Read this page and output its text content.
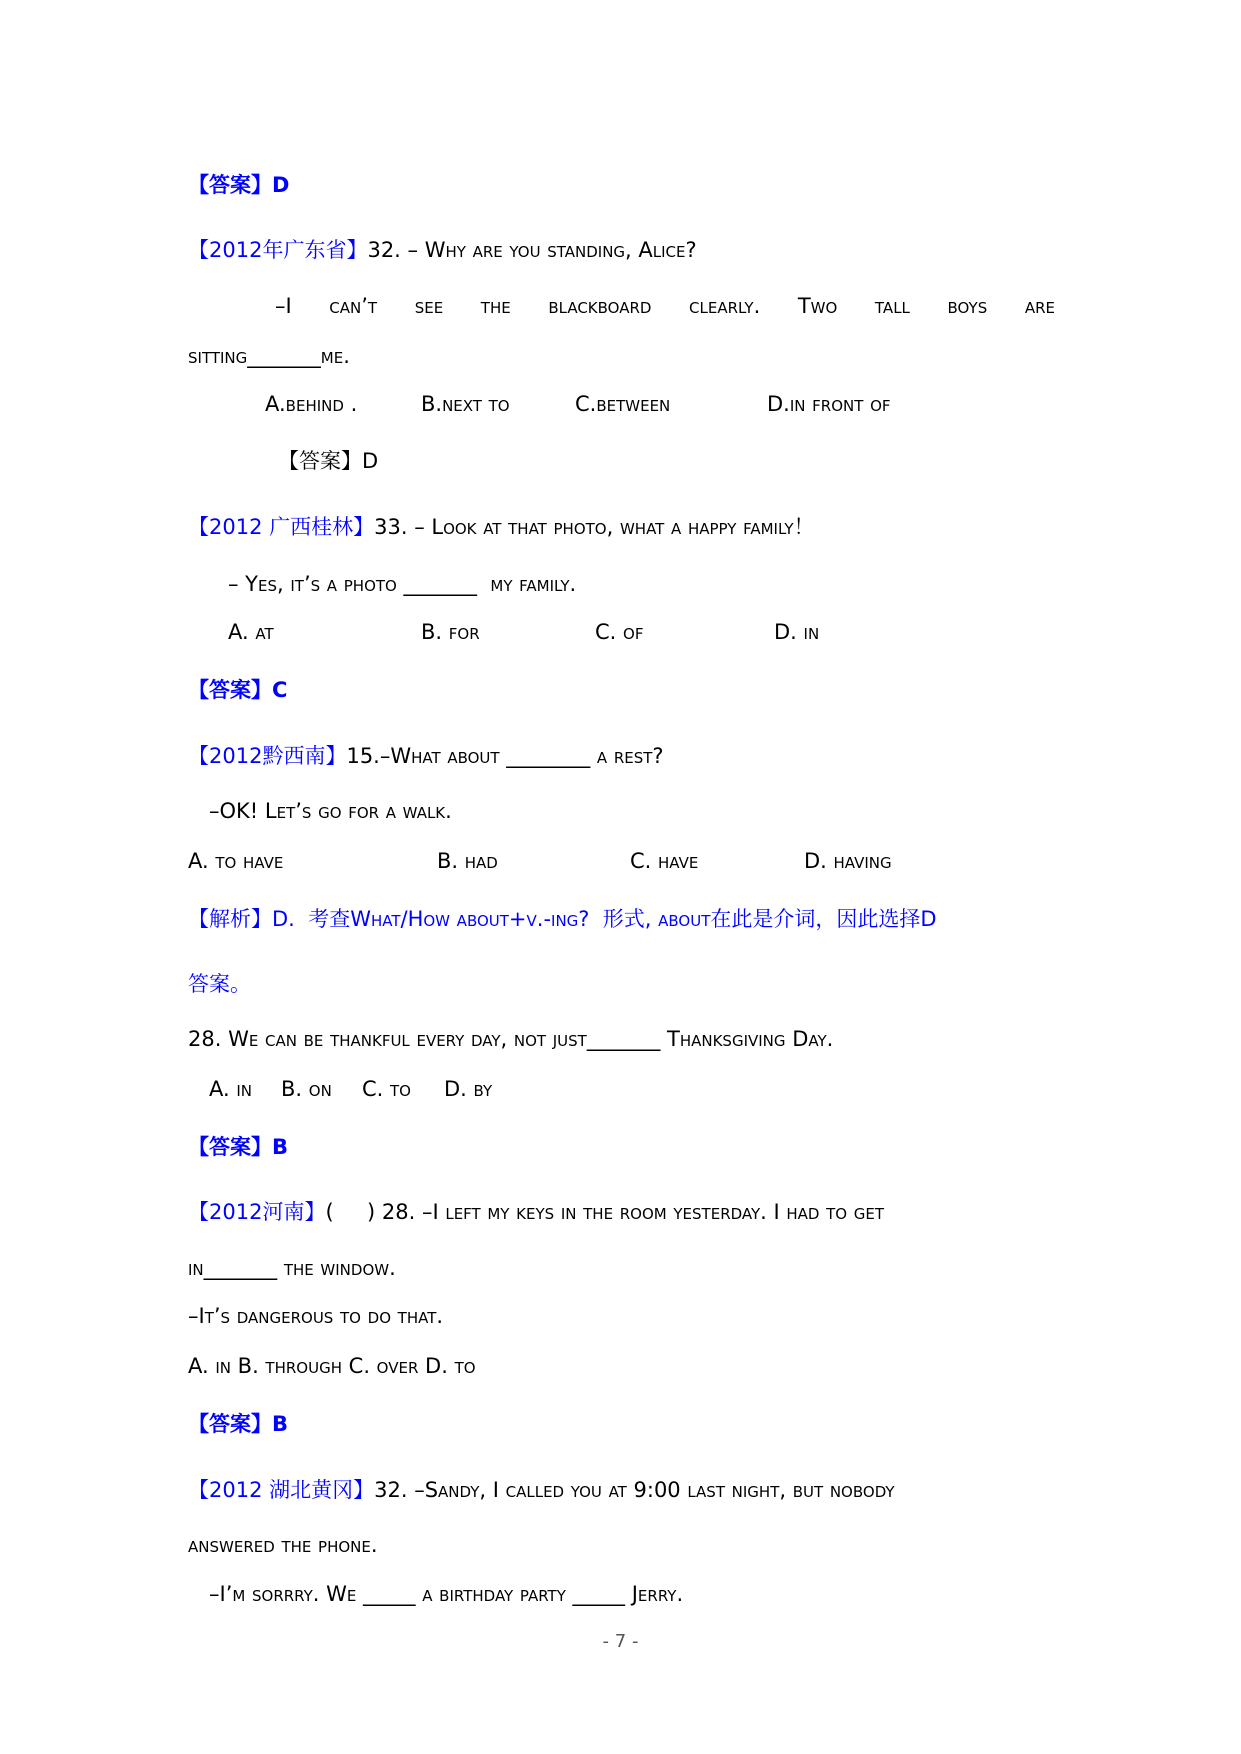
【答案】D
【2012年广东省】32. – Why are you standing, Alice?
–I can’t see the blackboard clearly. Two tall boys are
sitting_______me.
A.behind .	B.next to	C.between	D.in front of
【答案】D
【2012 广西桂林】33. – Look at that photo, what a happy family！
– Yes, it’s a photo _______  my family.
A. at	B. for	C. of	D. in
【答案】C
【2012黔西南】15.–What about ________ a rest?
–OK! Let’s go for a walk.
A. to have	B. had	C. have	D. having
【解析】D.  考查What/How about+v.-ing?  形式, about在此是介词，因此选择D
答案。
28. We can be thankful every day, not just_______ Thanksgiving Day.
A. in B. on C. to D. by
【答案】B
【2012河南】(     ) 28. –I left my keys in the room yesterday. I had to get
in_______ the window.
–It’s dangerous to do that.
A. in B. through C. over D. to
【答案】B
【2012 湖北黄冈】32. –Sandy, I called you at 9:00 last night, but nobody
answered the phone.
–I’m sorrry. We _____ a birthday party _____ Jerry.
- 7 -
